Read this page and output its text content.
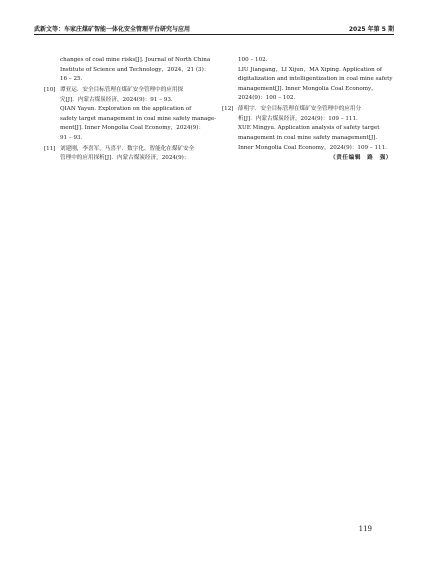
武新文等：车家庄煤矿智能一体化安全管理平台研究与应用	2025 年第 5 期
changes of coal mine risks[J]. Journal of North China
Institute of Science and Technology，2024，21 (3)：
16 – 25.
[10] 谭亚运．安全目标管理在煤矿安全管理中的应用探
究[J]．内蒙古煤炭经济，2024(9)：91 – 93.
QIAN Yayun. Exploration on the application of
safety target management in coal mine safety manage-
ment[J]. Inner Mongolia Coal Economy，2024(9)：
91 – 93.
[11] 刘建刚，李喜军，马喜平．数字化、智能化在煤矿安全
管理中的应用探析[J]．内蒙古煤炭经济，2024(9)：
100 – 102.
LIU Jiangang，LI Xijun，MA Xiping. Application of
digitalization and intelligentization in coal mine safety
management[J]. Inner Mongolia Coal Economy，
2024(9)：100 – 102.
[12] 薛明宇．安全目标管理在煤矿安全管理中的应用分
析[J]．内蒙古煤炭经济，2024(9)：109 – 111.
XUE Mingyu. Application analysis of safety target
management in coal mine safety management[J].
Inner Mongolia Coal Economy，2024(9)：109 – 111.
（责任编辑　路　强）
119
